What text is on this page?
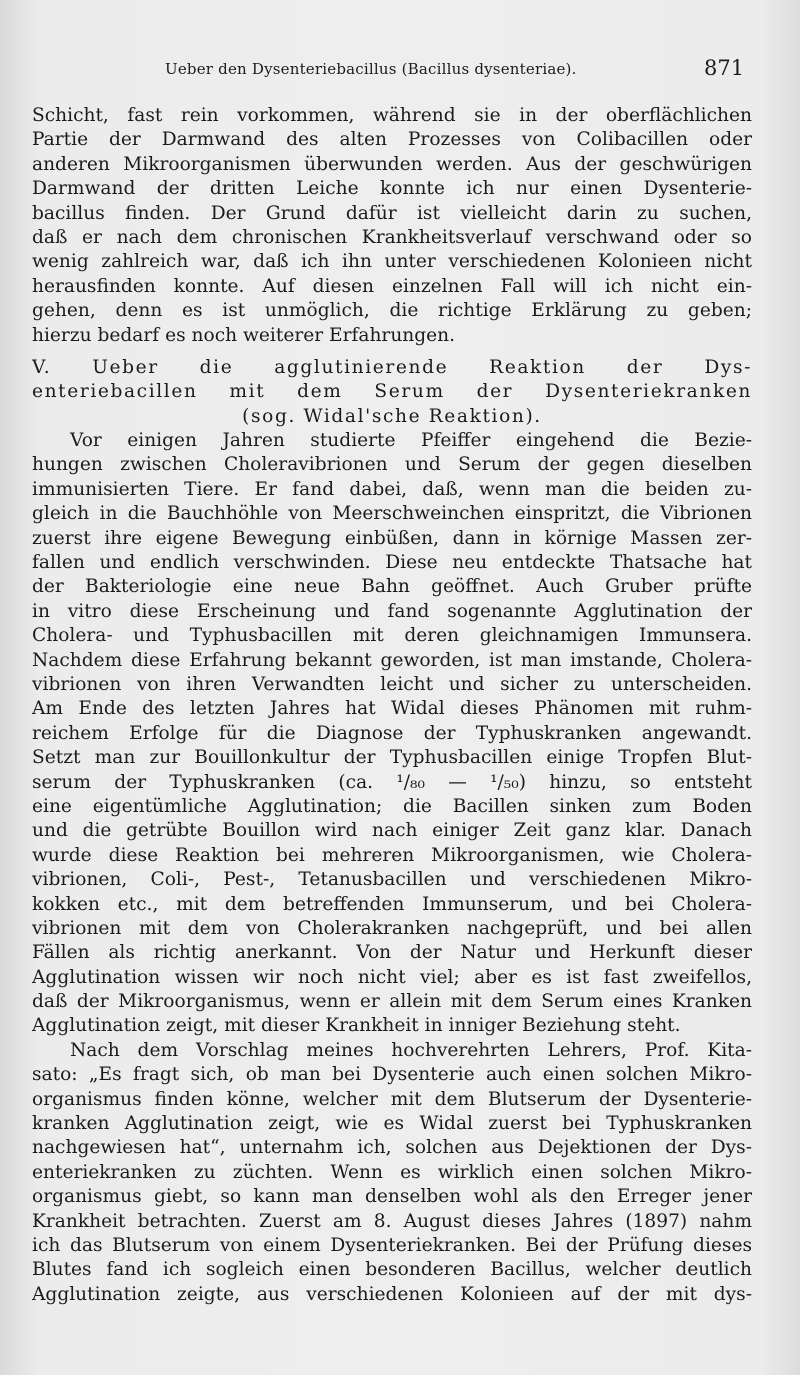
Ueber den Dysenteriebacillus (Bacillus dysenteriae).	871
Schicht, fast rein vorkommen, während sie in der oberflächlichen
Partie der Darmwand des alten Prozesses von Colibacillen oder
anderen Mikroorganismen überwunden werden. Aus der geschwürigen
Darmwand der dritten Leiche konnte ich nur einen Dysenterie-
bacillus finden. Der Grund dafür ist vielleicht darin zu suchen,
daß er nach dem chronischen Krankheitsverlauf verschwand oder so
wenig zahlreich war, daß ich ihn unter verschiedenen Kolonieen nicht
herausfinden konnte. Auf diesen einzelnen Fall will ich nicht ein-
gehen, denn es ist unmöglich, die richtige Erklärung zu geben;
hierzu bedarf es noch weiterer Erfahrungen.
V. Ueber die agglutinierende Reaktion der Dys-
enteriebacillen mit dem Serum der Dysenteriekranken
(sog. Widal'sche Reaktion).
Vor einigen Jahren studierte Pfeiffer eingehend die Bezie-
hungen zwischen Choleravibrionen und Serum der gegen dieselben
immunisierten Tiere. Er fand dabei, daß, wenn man die beiden zu-
gleich in die Bauchhöhle von Meerschweinchen einspritzt, die Vibrionen
zuerst ihre eigene Bewegung einbüßen, dann in körnige Massen zer-
fallen und endlich verschwinden. Diese neu entdeckte Thatsache hat
der Bakteriologie eine neue Bahn geöffnet. Auch Gruber prüfte
in vitro diese Erscheinung und fand sogenannte Agglutination der
Cholera- und Typhusbacillen mit deren gleichnamigen Immunsera.
Nachdem diese Erfahrung bekannt geworden, ist man imstande, Cholera-
vibrionen von ihren Verwandten leicht und sicher zu unterscheiden.
Am Ende des letzten Jahres hat Widal dieses Phänomen mit ruhm-
reichem Erfolge für die Diagnose der Typhuskranken angewandt.
Setzt man zur Bouillonkultur der Typhusbacillen einige Tropfen Blut-
serum der Typhuskranken (ca. ¹/₈₀ — ¹/₅₀) hinzu, so entsteht
eine eigentümliche Agglutination; die Bacillen sinken zum Boden
und die getrübte Bouillon wird nach einiger Zeit ganz klar. Danach
wurde diese Reaktion bei mehreren Mikroorganismen, wie Cholera-
vibrionen, Coli-, Pest-, Tetanusbacillen und verschiedenen Mikro-
kokken etc., mit dem betreffenden Immunserum, und bei Cholera-
vibrionen mit dem von Cholerakranken nachgeprüft, und bei allen
Fällen als richtig anerkannt. Von der Natur und Herkunft dieser
Agglutination wissen wir noch nicht viel; aber es ist fast zweifellos,
daß der Mikroorganismus, wenn er allein mit dem Serum eines Kranken
Agglutination zeigt, mit dieser Krankheit in inniger Beziehung steht.
Nach dem Vorschlag meines hochverehrten Lehrers, Prof. Kita-
sato: „Es fragt sich, ob man bei Dysenterie auch einen solchen Mikro-
organismus finden könne, welcher mit dem Blutserum der Dysenterie-
kranken Agglutination zeigt, wie es Widal zuerst bei Typhuskranken
nachgewiesen hat“, unternahm ich, solchen aus Dejektionen der Dys-
enteriekranken zu züchten. Wenn es wirklich einen solchen Mikro-
organismus giebt, so kann man denselben wohl als den Erreger jener
Krankheit betrachten. Zuerst am 8. August dieses Jahres (1897) nahm
ich das Blutserum von einem Dysenteriekranken. Bei der Prüfung dieses
Blutes fand ich sogleich einen besonderen Bacillus, welcher deutlich
Agglutination zeigte, aus verschiedenen Kolonieen auf der mit dys-
